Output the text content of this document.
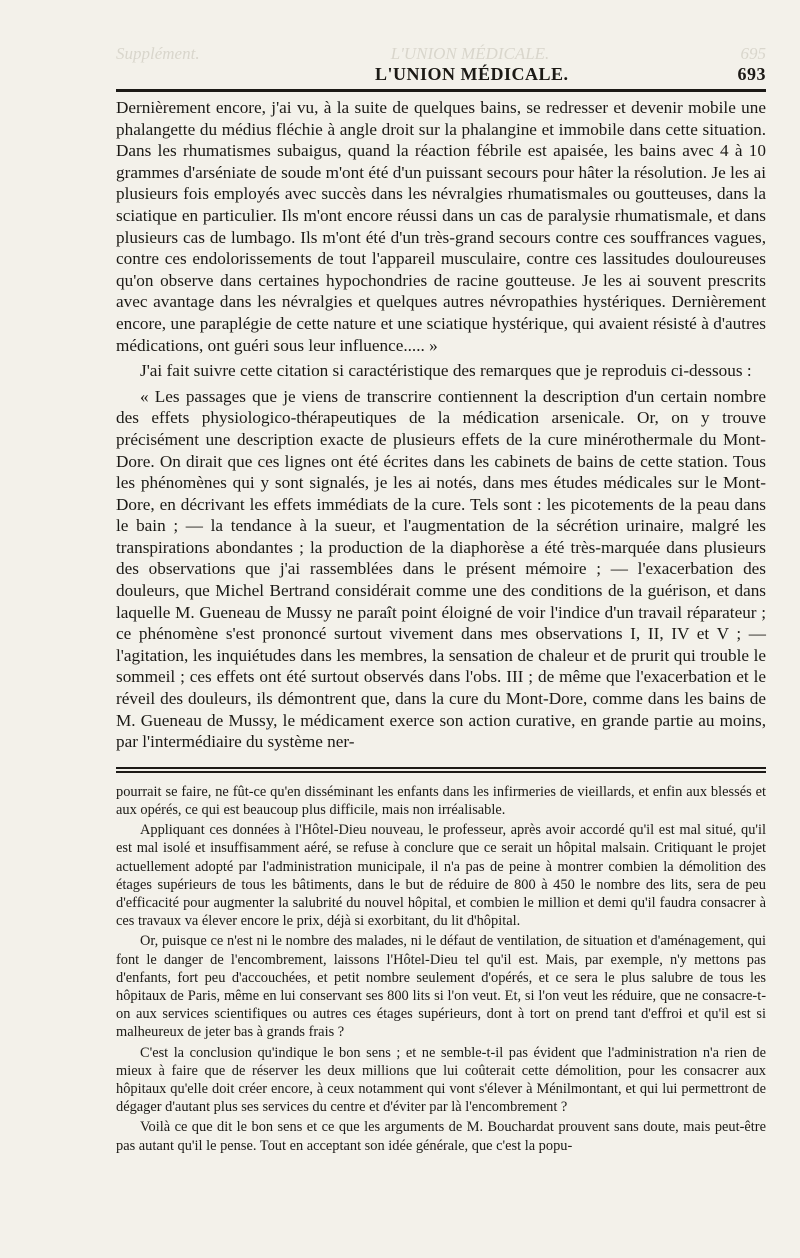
Supplément.	L'UNION MÉDICALE.	695
L'UNION MÉDICALE.	693

Dernièrement encore, j'ai vu, à la suite de quelques bains, se redresser et devenir mobile une phalangette du médius fléchie à angle droit sur la phalangine et immobile dans cette situation. Dans les rhumatismes subaigus, quand la réaction fébrile est apaisée, les bains avec 4 à 10 grammes d'arséniate de soude m'ont été d'un puissant secours pour hâter la résolution. Je les ai plusieurs fois employés avec succès dans les névralgies rhumatismales ou goutteuses, dans la sciatique en particulier. Ils m'ont encore réussi dans un cas de paralysie rhumatismale, et dans plusieurs cas de lumbago. Ils m'ont été d'un très-grand secours contre ces souffrances vagues, contre ces endolorissements de tout l'appareil musculaire, contre ces lassitudes douloureuses qu'on observe dans certaines hypochondries de racine goutteuse. Je les ai souvent prescrits avec avantage dans les névralgies et quelques autres névropathies hystériques. Dernièrement encore, une paraplégie de cette nature et une sciatique hystérique, qui avaient résisté à d'autres médications, ont guéri sous leur influence..... »

J'ai fait suivre cette citation si caractéristique des remarques que je reproduis ci-dessous :

« Les passages que je viens de transcrire contiennent la description d'un certain nombre des effets physiologico-thérapeutiques de la médication arsenicale. Or, on y trouve précisément une description exacte de plusieurs effets de la cure minérothermale du Mont-Dore. On dirait que ces lignes ont été écrites dans les cabinets de bains de cette station. Tous les phénomènes qui y sont signalés, je les ai notés, dans mes études médicales sur le Mont-Dore, en décrivant les effets immédiats de la cure. Tels sont : les picotements de la peau dans le bain ; — la tendance à la sueur, et l'augmentation de la sécrétion urinaire, malgré les transpirations abondantes ; la production de la diaphorèse a été très-marquée dans plusieurs des observations que j'ai rassemblées dans le présent mémoire ; — l'exacerbation des douleurs, que Michel Bertrand considérait comme une des conditions de la guérison, et dans laquelle M. Gueneau de Mussy ne paraît point éloigné de voir l'indice d'un travail réparateur ; ce phénomène s'est prononcé surtout vivement dans mes observations I, II, IV et V ; — l'agitation, les inquiétudes dans les membres, la sensation de chaleur et de prurit qui trouble le sommeil ; ces effets ont été surtout observés dans l'obs. III ; de même que l'exacerbation et le réveil des douleurs, ils démontrent que, dans la cure du Mont-Dore, comme dans les bains de M. Gueneau de Mussy, le médicament exerce son action curative, en grande partie au moins, par l'intermédiaire du système ner-

pourrait se faire, ne fût-ce qu'en disséminant les enfants dans les infirmeries de vieillards, et enfin aux blessés et aux opérés, ce qui est beaucoup plus difficile, mais non irréalisable.

Appliquant ces données à l'Hôtel-Dieu nouveau, le professeur, après avoir accordé qu'il est mal situé, qu'il est mal isolé et insuffisamment aéré, se refuse à conclure que ce serait un hôpital malsain. Critiquant le projet actuellement adopté par l'administration municipale, il n'a pas de peine à montrer combien la démolition des étages supérieurs de tous les bâtiments, dans le but de réduire de 800 à 450 le nombre des lits, sera de peu d'efficacité pour augmenter la salubrité du nouvel hôpital, et combien le million et demi qu'il faudra consacrer à ces travaux va élever encore le prix, déjà si exorbitant, du lit d'hôpital.

Or, puisque ce n'est ni le nombre des malades, ni le défaut de ventilation, de situation et d'aménagement, qui font le danger de l'encombrement, laissons l'Hôtel-Dieu tel qu'il est. Mais, par exemple, n'y mettons pas d'enfants, fort peu d'accouchées, et petit nombre seulement d'opérés, et ce sera le plus salubre de tous les hôpitaux de Paris, même en lui conservant ses 800 lits si l'on veut. Et, si l'on veut les réduire, que ne consacre-t-on aux services scientifiques ou autres ces étages supérieurs, dont à tort on prend tant d'effroi et qu'il est si malheureux de jeter bas à grands frais ?

C'est la conclusion qu'indique le bon sens ; et ne semble-t-il pas évident que l'administration n'a rien de mieux à faire que de réserver les deux millions que lui coûterait cette démolition, pour les consacrer aux hôpitaux qu'elle doit créer encore, à ceux notamment qui vont s'élever à Ménilmontant, et qui lui permettront de dégager d'autant plus ses services du centre et d'éviter par là l'encombrement ?

Voilà ce que dit le bon sens et ce que les arguments de M. Bouchardat prouvent sans doute, mais peut-être pas autant qu'il le pense. Tout en acceptant son idée générale, que c'est la popu-
